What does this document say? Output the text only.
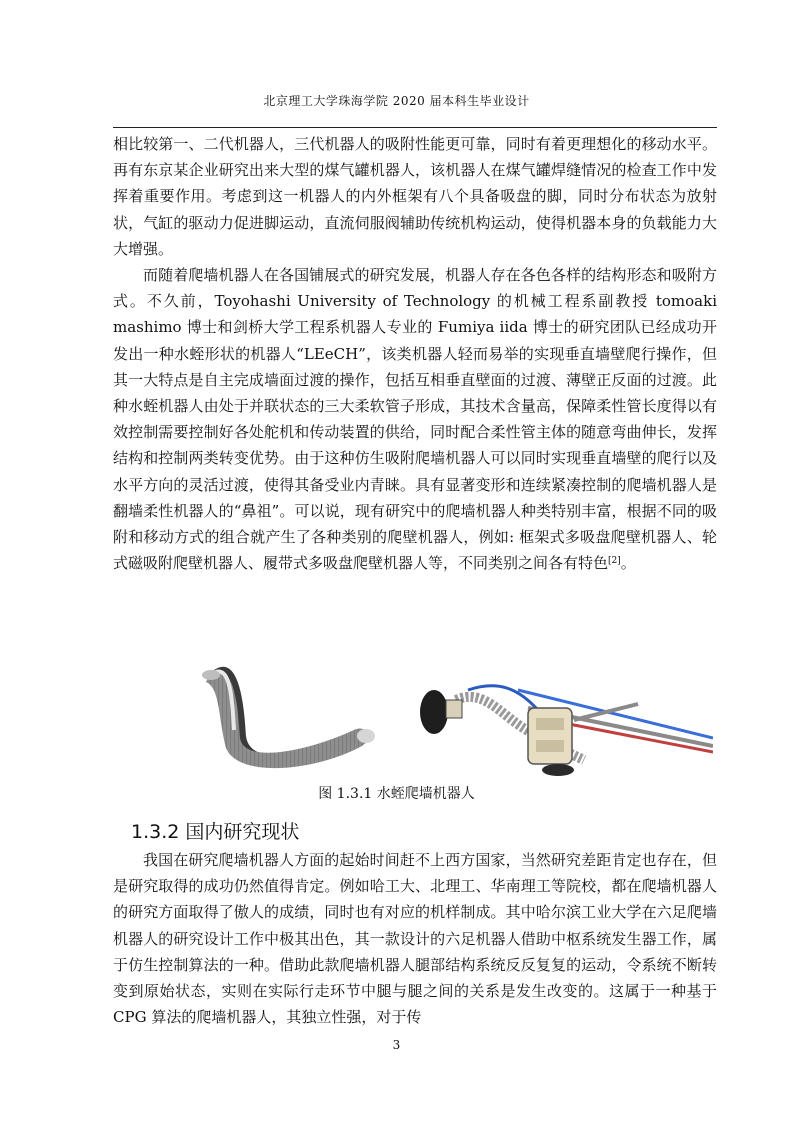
北京理工大学珠海学院 2020 届本科生毕业设计

相比较第一、二代机器人，三代机器人的吸附性能更可靠，同时有着更理想化的移动水平。再有东京某企业研究出来大型的煤气罐机器人，该机器人在煤气罐焊缝情况的检查工作中发挥着重要作用。考虑到这一机器人的内外框架有八个具备吸盘的脚，同时分布状态为放射状，气缸的驱动力促进脚运动，直流伺服阀辅助传统机构运动，使得机器本身的负载能力大大增强。

而随着爬墙机器人在各国铺展式的研究发展，机器人存在各色各样的结构形态和吸附方式。不久前，Toyohashi University of Technology 的机械工程系副教授 tomoaki mashimo 博士和剑桥大学工程系机器人专业的 Fumiya iida 博士的研究团队已经成功开发出一种水蛭形状的机器人“LEeCH”，该类机器人轻而易举的实现垂直墙壁爬行操作，但其一大特点是自主完成墙面过渡的操作，包括互相垂直壁面的过渡、薄壁正反面的过渡。此种水蛭机器人由处于并联状态的三大柔软管子形成，其技术含量高，保障柔性管长度得以有效控制需要控制好各处舵机和传动装置的供给，同时配合柔性管主体的随意弯曲伸长，发挥结构和控制两类转变优势。由于这种仿生吸附爬墙机器人可以同时实现垂直墙壁的爬行以及水平方向的灵活过渡，使得其备受业内青睐。具有显著变形和连续紧凑控制的爬墙机器人是翻墙柔性机器人的“鼻祖”。可以说，现有研究中的爬墙机器人种类特别丰富，根据不同的吸附和移动方式的组合就产生了各种类别的爬壁机器人，例如: 框架式多吸盘爬壁机器人、轮式磁吸附爬壁机器人、履带式多吸盘爬壁机器人等，不同类别之间各有特色[2]。

图 1.3.1 水蛭爬墙机器人
1.3.2 国内研究现状

我国在研究爬墙机器人方面的起始时间赶不上西方国家，当然研究差距肯定也存在，但是研究取得的成功仍然值得肯定。例如哈工大、北理工、华南理工等院校，都在爬墙机器人的研究方面取得了傲人的成绩，同时也有对应的机样制成。其中哈尔滨工业大学在六足爬墙机器人的研究设计工作中极其出色，其一款设计的六足机器人借助中枢系统发生器工作，属于仿生控制算法的一种。借助此款爬墙机器人腿部结构系统反反复复的运动，令系统不断转变到原始状态，实则在实际行走环节中腿与腿之间的关系是发生改变的。这属于一种基于 CPG 算法的爬墙机器人，其独立性强，对于传

3
